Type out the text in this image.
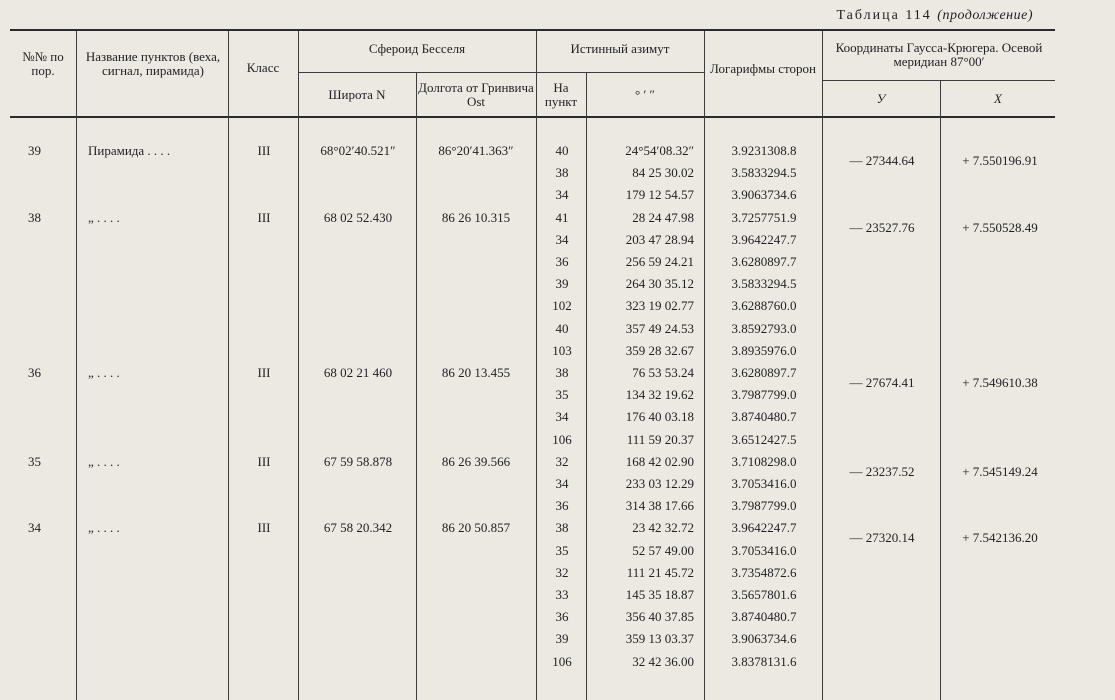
Таблица 114 (продолжение)
№№ по пор.
Название пунктов (веха, сигнал, пирамида)	Класс
Сфероид Бесселя
Широта N	Долгота от Гринвича Ost
Истинный азимут
На пункт	° ′ ″
Логарифмы сторон
Координаты Гаусса-Крюгера. Осевой меридиан 87°00′
У	Х
39	Пирамида . . . .	III	68°02′40.521″	86°20′41.363″
— 27344.64	+ 7.550196.91
40	24°54′08.32″	3.9231308.8
38	84 25 30.02	3.5833294.5
34	179 12 54.57	3.9063734.6
38	„ . . . .	III	68 02 52.430	86 26 10.315
— 23527.76	+ 7.550528.49
41	28 24 47.98	3.7257751.9
34	203 47 28.94	3.9642247.7
36	256 59 24.21	3.6280897.7
39	264 30 35.12	3.5833294.5
102	323 19 02.77	3.6288760.0
40	357 49 24.53	3.8592793.0
103	359 28 32.67	3.8935976.0
36	„ . . . .	III	68 02 21 460	86 20 13.455
— 27674.41	+ 7.549610.38
38	76 53 53.24	3.6280897.7
35	134 32 19.62	3.7987799.0
34	176 40 03.18	3.8740480.7
106	111 59 20.37	3.6512427.5
35	„ . . . .	III	67 59 58.878	86 26 39.566
— 23237.52	+ 7.545149.24
32	168 42 02.90	3.7108298.0
34	233 03 12.29	3.7053416.0
36	314 38 17.66	3.7987799.0
34	„ . . . .	III	67 58 20.342	86 20 50.857
— 27320.14	+ 7.542136.20
38	23 42 32.72	3.9642247.7
35	52 57 49.00	3.7053416.0
32	111 21 45.72	3.7354872.6
33	145 35 18.87	3.5657801.6
36	356 40 37.85	3.8740480.7
39	359 13 03.37	3.9063734.6
106	32 42 36.00	3.8378131.6
